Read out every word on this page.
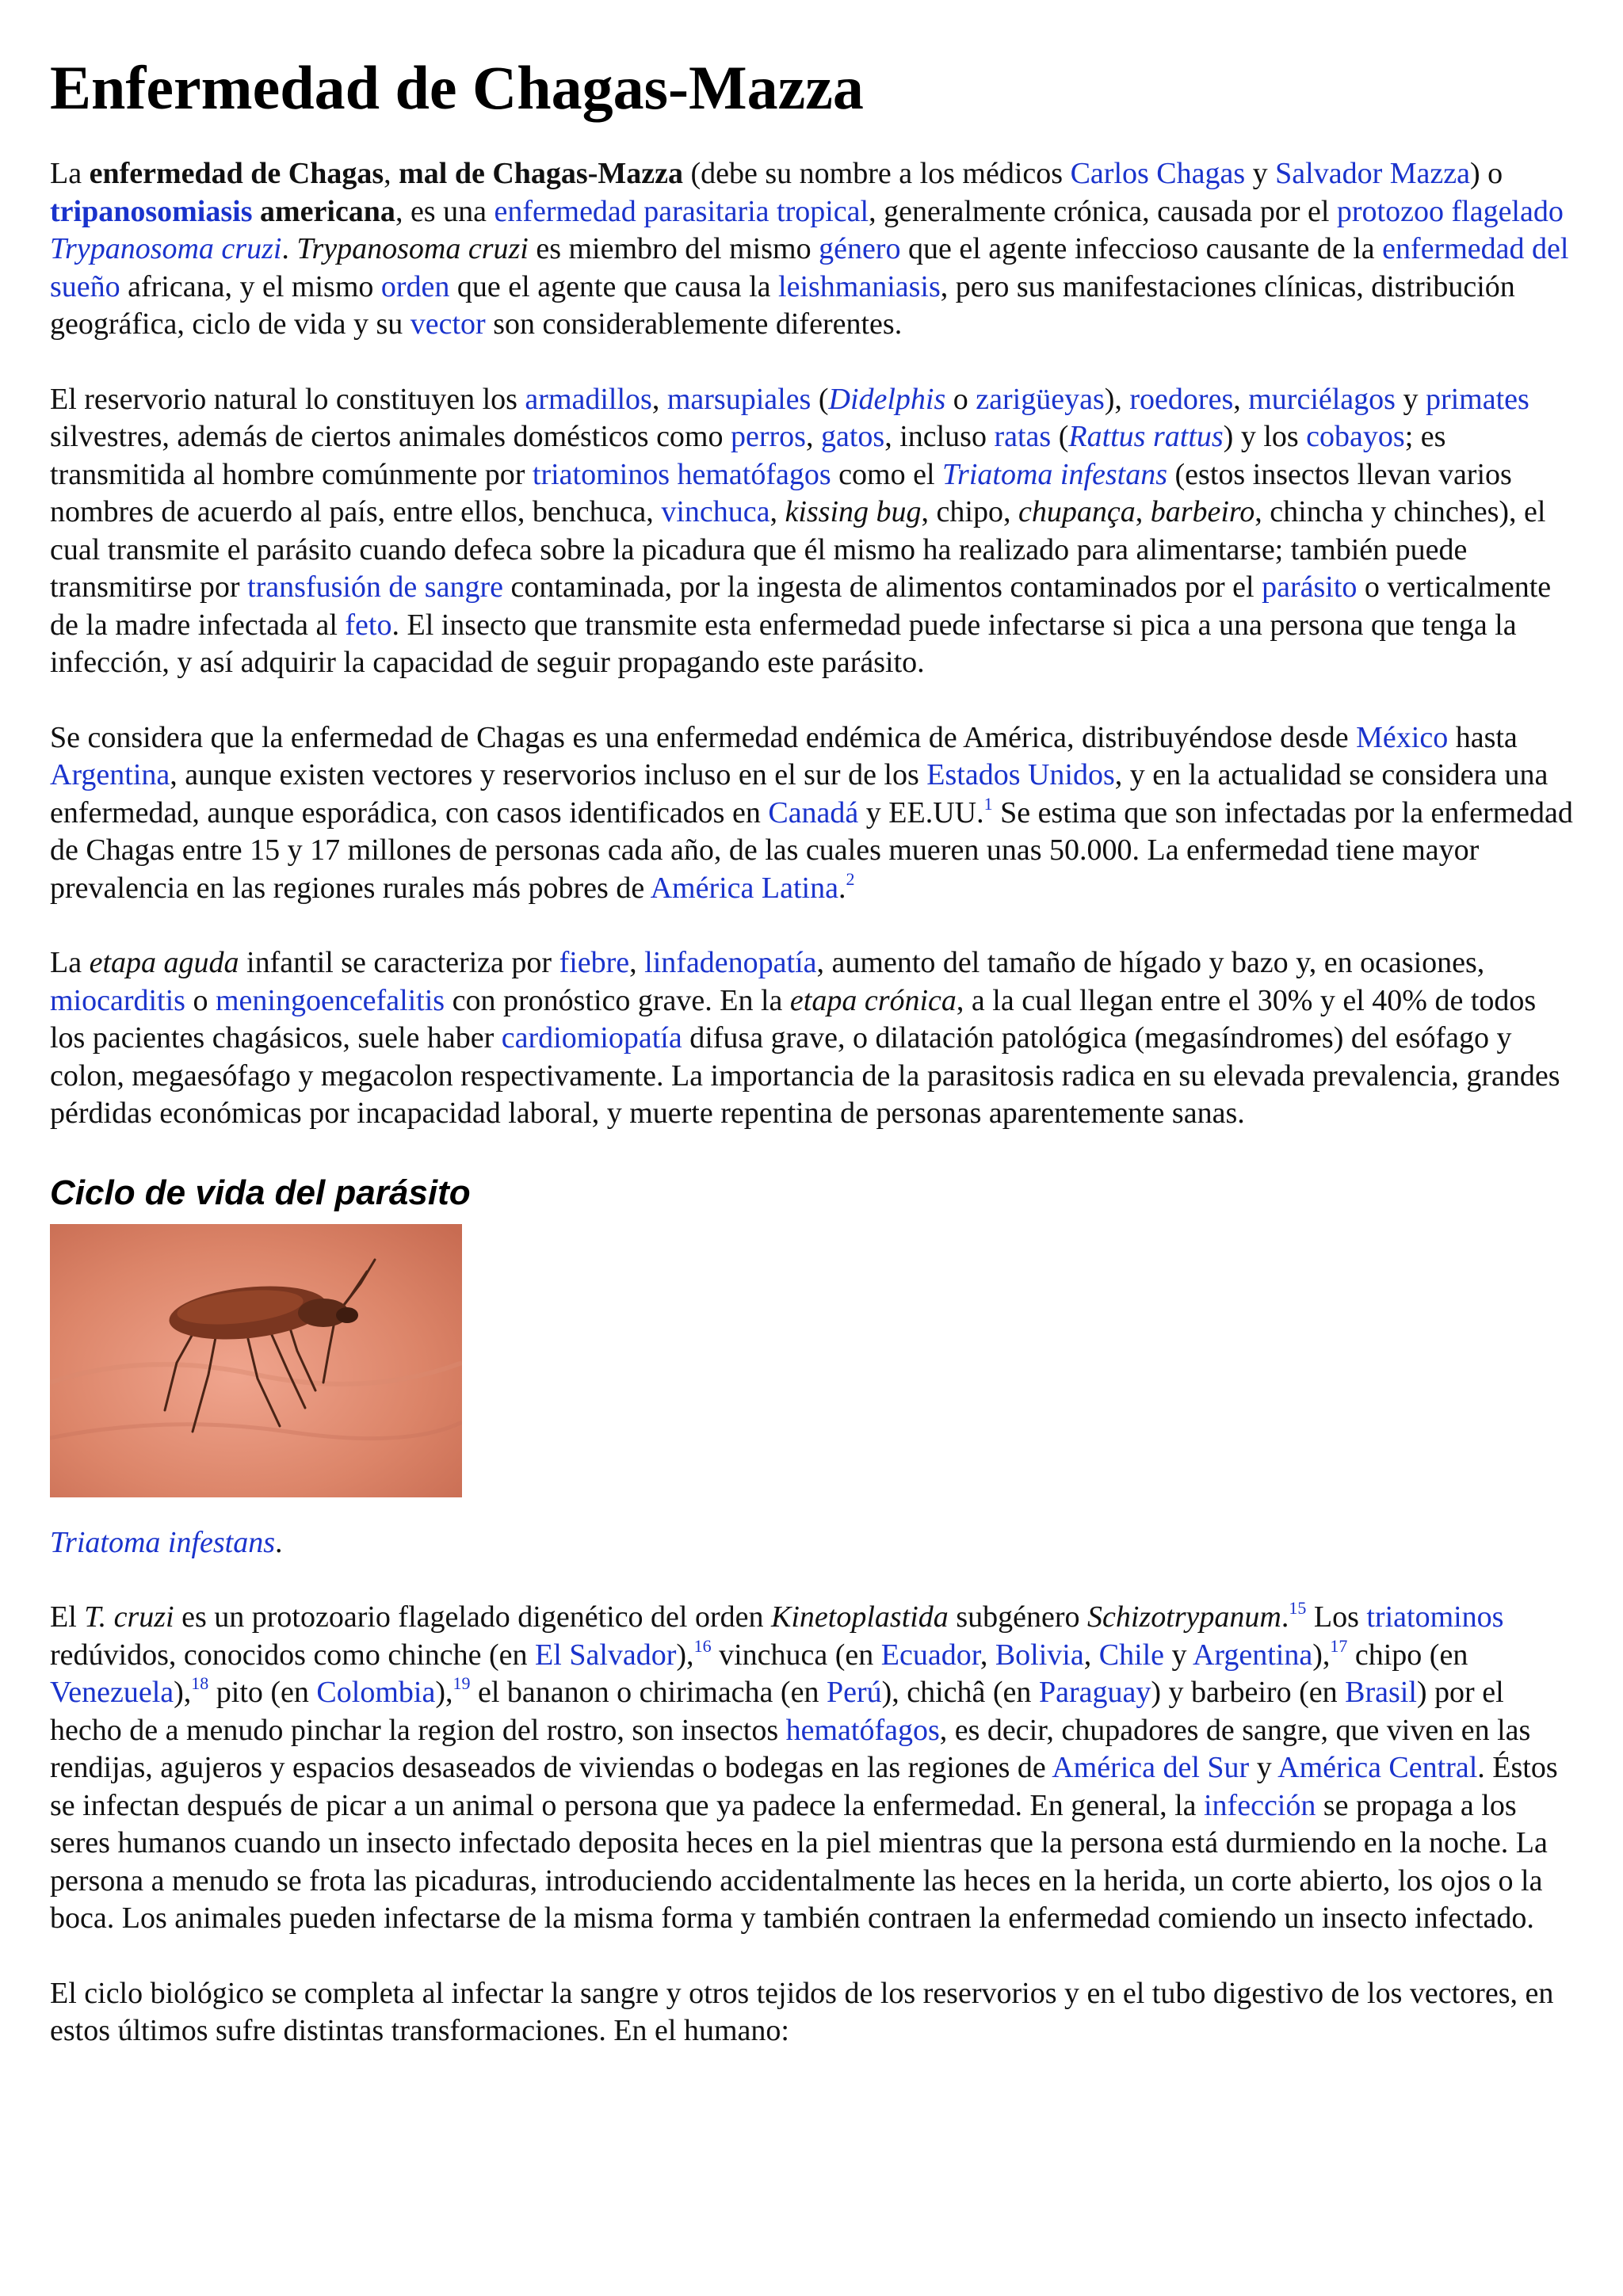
Enfermedad de Chagas-Mazza

La enfermedad de Chagas, mal de Chagas-Mazza (debe su nombre a los médicos Carlos Chagas y Salvador Mazza) o tripanosomiasis americana, es una enfermedad parasitaria tropical, generalmente crónica, causada por el protozoo flagelado Trypanosoma cruzi. Trypanosoma cruzi es miembro del mismo género que el agente infeccioso causante de la enfermedad del sueño africana, y el mismo orden que el agente que causa la leishmaniasis, pero sus manifestaciones clínicas, distribución geográfica, ciclo de vida y su vector son considerablemente diferentes.

El reservorio natural lo constituyen los armadillos, marsupiales (Didelphis o zarigüeyas), roedores, murciélagos y primates silvestres, además de ciertos animales domésticos como perros, gatos, incluso ratas (Rattus rattus) y los cobayos; es transmitida al hombre comúnmente por triatominos hematófagos como el Triatoma infestans (estos insectos llevan varios nombres de acuerdo al país, entre ellos, benchuca, vinchuca, kissing bug, chipo, chupança, barbeiro, chincha y chinches), el cual transmite el parásito cuando defeca sobre la picadura que él mismo ha realizado para alimentarse; también puede transmitirse por transfusión de sangre contaminada, por la ingesta de alimentos contaminados por el parásito o verticalmente de la madre infectada al feto. El insecto que transmite esta enfermedad puede infectarse si pica a una persona que tenga la infección, y así adquirir la capacidad de seguir propagando este parásito.

Se considera que la enfermedad de Chagas es una enfermedad endémica de América, distribuyéndose desde México hasta Argentina, aunque existen vectores y reservorios incluso en el sur de los Estados Unidos, y en la actualidad se considera una enfermedad, aunque esporádica, con casos identificados en Canadá y EE.UU.$^1$ Se estima que son infectadas por la enfermedad de Chagas entre 15 y 17 millones de personas cada año, de las cuales mueren unas 50.000. La enfermedad tiene mayor prevalencia en las regiones rurales más pobres de América Latina.$^2$

La etapa aguda infantil se caracteriza por fiebre, linfadenopatía, aumento del tamaño de hígado y bazo y, en ocasiones, miocarditis o meningoencefalitis con pronóstico grave. En la etapa crónica, a la cual llegan entre el 30% y el 40% de todos los pacientes chagásicos, suele haber cardiomiopatía difusa grave, o dilatación patológica (megasíndromes) del esófago y colon, megaesófago y megacolon respectivamente. La importancia de la parasitosis radica en su elevada prevalencia, grandes pérdidas económicas por incapacidad laboral, y muerte repentina de personas aparentemente sanas.

Ciclo de vida del parásito
Triatoma infestans.

El T. cruzi es un protozoario flagelado digenético del orden Kinetoplastida subgénero Schizotrypanum.$^{15}$ Los triatominos redúvidos, conocidos como chinche (en El Salvador),$^{16}$ vinchuca (en Ecuador, Bolivia, Chile y Argentina),$^{17}$ chipo (en Venezuela),$^{18}$ pito (en Colombia),$^{19}$ el bananon o chirimacha (en Perú), chichâ (en Paraguay) y barbeiro (en Brasil) por el hecho de a menudo pinchar la region del rostro, son insectos hematófagos, es decir, chupadores de sangre, que viven en las rendijas, agujeros y espacios desaseados de viviendas o bodegas en las regiones de América del Sur y América Central. Éstos se infectan después de picar a un animal o persona que ya padece la enfermedad. En general, la infección se propaga a los seres humanos cuando un insecto infectado deposita heces en la piel mientras que la persona está durmiendo en la noche. La persona a menudo se frota las picaduras, introduciendo accidentalmente las heces en la herida, un corte abierto, los ojos o la boca. Los animales pueden infectarse de la misma forma y también contraen la enfermedad comiendo un insecto infectado.

El ciclo biológico se completa al infectar la sangre y otros tejidos de los reservorios y en el tubo digestivo de los vectores, en estos últimos sufre distintas transformaciones. En el humano:
